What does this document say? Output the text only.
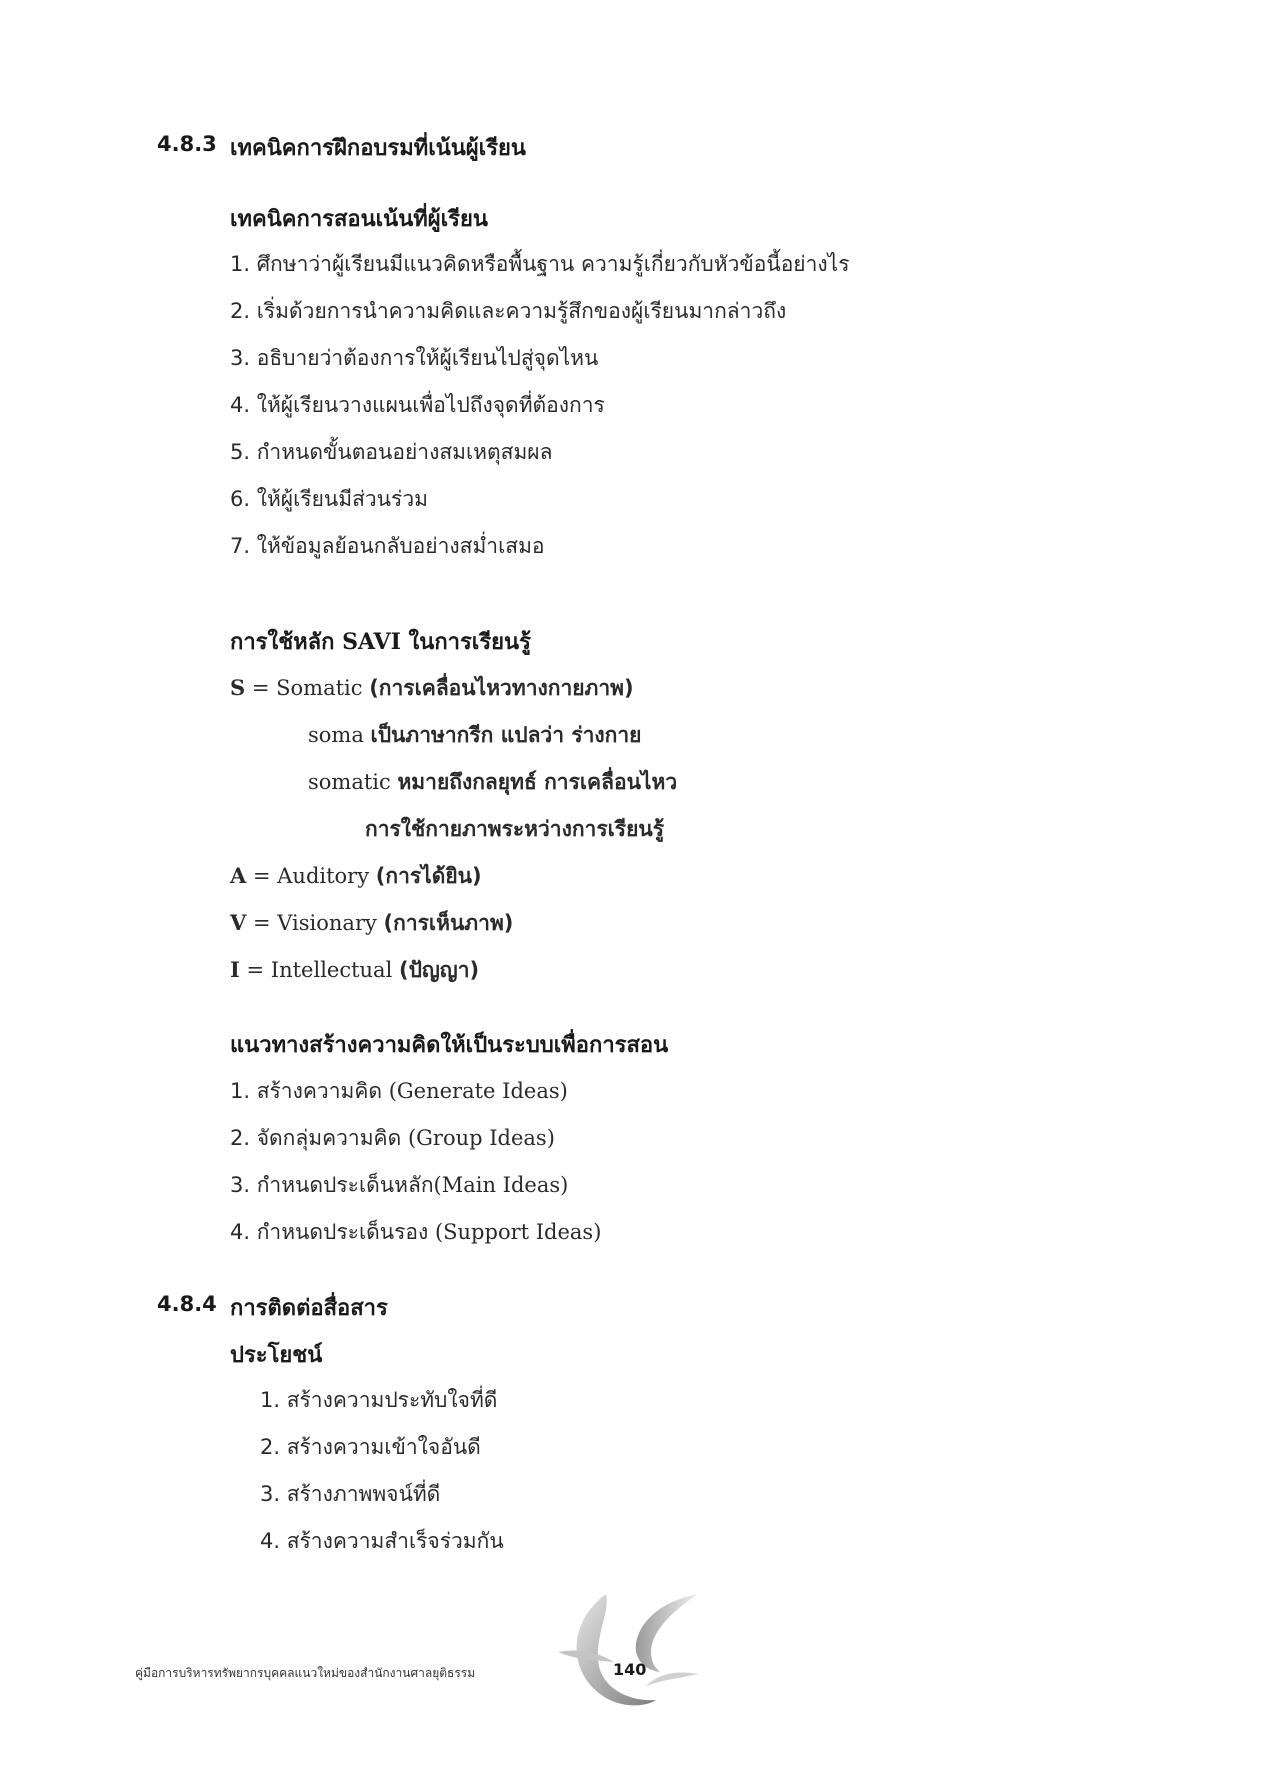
4.8.3 เทคนิคการฝึกอบรมที่เน้นผู้เรียน
เทคนิคการสอนเน้นที่ผู้เรียน
1. ศึกษาว่าผู้เรียนมีแนวคิดหรือพื้นฐาน ความรู้เกี่ยวกับหัวข้อนี้อย่างไร
2. เริ่มด้วยการนำความคิดและความรู้สึกของผู้เรียนมากล่าวถึง
3. อธิบายว่าต้องการให้ผู้เรียนไปสู่จุดไหน
4. ให้ผู้เรียนวางแผนเพื่อไปถึงจุดที่ต้องการ
5. กำหนดขั้นตอนอย่างสมเหตุสมผล
6. ให้ผู้เรียนมีส่วนร่วม
7. ให้ข้อมูลย้อนกลับอย่างสม่ำเสมอ
การใช้หลัก SAVI ในการเรียนรู้
S = Somatic (การเคลื่อนไหวทางกายภาพ)
soma เป็นภาษากรีก แปลว่า ร่างกาย
somatic หมายถึงกลยุทธ์ การเคลื่อนไหว
การใช้กายภาพระหว่างการเรียนรู้
A = Auditory (การได้ยิน)
V = Visionary (การเห็นภาพ)
I = Intellectual (ปัญญา)
แนวทางสร้างความคิดให้เป็นระบบเพื่อการสอน
1. สร้างความคิด (Generate Ideas)
2. จัดกลุ่มความคิด (Group Ideas)
3. กำหนดประเด็นหลัก(Main Ideas)
4. กำหนดประเด็นรอง (Support Ideas)
4.8.4 การติดต่อสื่อสาร
ประโยชน์
1. สร้างความประทับใจที่ดี
2. สร้างความเข้าใจอันดี
3. สร้างภาพพจน์ที่ดี
4. สร้างความสำเร็จร่วมกัน
คู่มือการบริหารทรัพยากรบุคคลแนวใหม่ของสำนักงานศาลยุติธรรม	140
